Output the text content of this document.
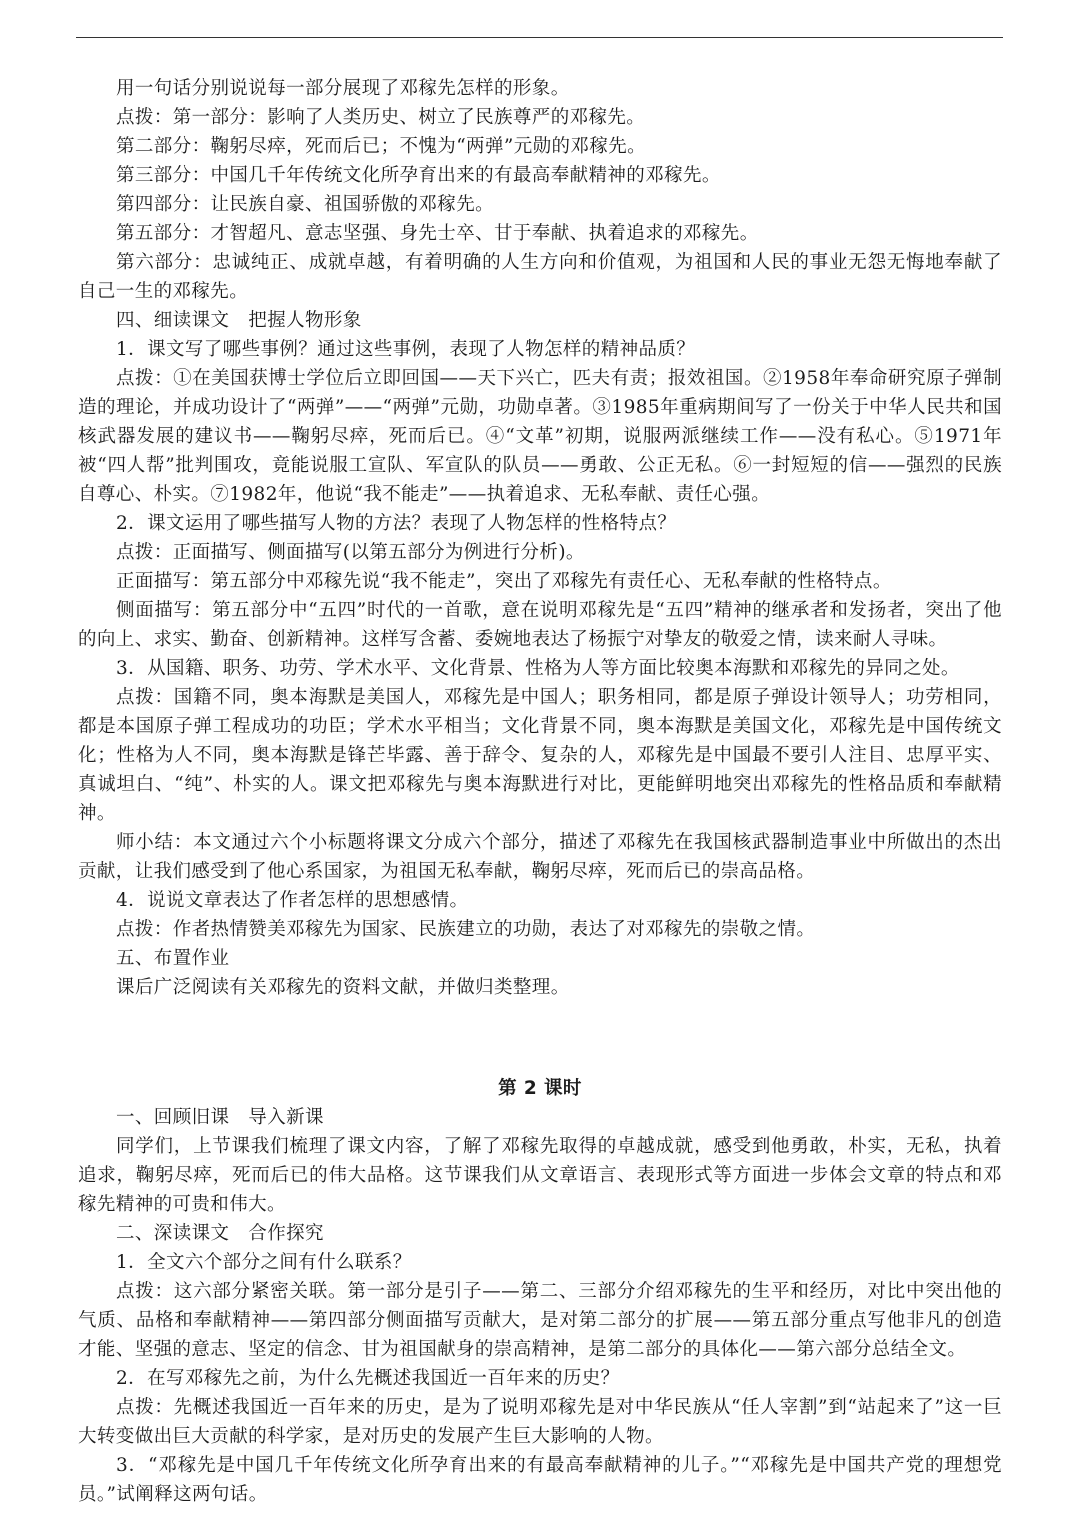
用一句话分别说说每一部分展现了邓稼先怎样的形象。

点拨：第一部分：影响了人类历史、树立了民族尊严的邓稼先。

第二部分：鞠躬尽瘁，死而后已；不愧为“两弹”元勋的邓稼先。

第三部分：中国几千年传统文化所孕育出来的有最高奉献精神的邓稼先。

第四部分：让民族自豪、祖国骄傲的邓稼先。

第五部分：才智超凡、意志坚强、身先士卒、甘于奉献、执着追求的邓稼先。

第六部分：忠诚纯正、成就卓越，有着明确的人生方向和价值观，为祖国和人民的事业无怨无悔地奉献了自己一生的邓稼先。

四、细读课文　把握人物形象

1．课文写了哪些事例？通过这些事例，表现了人物怎样的精神品质？

点拨：①在美国获博士学位后立即回国——天下兴亡，匹夫有责；报效祖国。②1958年奉命研究原子弹制造的理论，并成功设计了“两弹”——“两弹”元勋，功勋卓著。③1985年重病期间写了一份关于中华人民共和国核武器发展的建议书——鞠躬尽瘁，死而后已。④“文革”初期，说服两派继续工作——没有私心。⑤1971年被“四人帮”批判围攻，竟能说服工宣队、军宣队的队员——勇敢、公正无私。⑥一封短短的信——强烈的民族自尊心、朴实。⑦1982年，他说“我不能走”——执着追求、无私奉献、责任心强。

2．课文运用了哪些描写人物的方法？表现了人物怎样的性格特点？

点拨：正面描写、侧面描写(以第五部分为例进行分析)。

正面描写：第五部分中邓稼先说“我不能走”，突出了邓稼先有责任心、无私奉献的性格特点。

侧面描写：第五部分中“五四”时代的一首歌，意在说明邓稼先是“五四”精神的继承者和发扬者，突出了他的向上、求实、勤奋、创新精神。这样写含蓄、委婉地表达了杨振宁对挚友的敬爱之情，读来耐人寻味。

3．从国籍、职务、功劳、学术水平、文化背景、性格为人等方面比较奥本海默和邓稼先的异同之处。

点拨：国籍不同，奥本海默是美国人，邓稼先是中国人；职务相同，都是原子弹设计领导人；功劳相同，都是本国原子弹工程成功的功臣；学术水平相当；文化背景不同，奥本海默是美国文化，邓稼先是中国传统文化；性格为人不同，奥本海默是锋芒毕露、善于辞令、复杂的人，邓稼先是中国最不要引人注目、忠厚平实、真诚坦白、“纯”、朴实的人。课文把邓稼先与奥本海默进行对比，更能鲜明地突出邓稼先的性格品质和奉献精神。

师小结：本文通过六个小标题将课文分成六个部分，描述了邓稼先在我国核武器制造事业中所做出的杰出贡献，让我们感受到了他心系国家，为祖国无私奉献，鞠躬尽瘁，死而后已的崇高品格。

4．说说文章表达了作者怎样的思想感情。

点拨：作者热情赞美邓稼先为国家、民族建立的功勋，表达了对邓稼先的崇敬之情。

五、布置作业

课后广泛阅读有关邓稼先的资料文献，并做归类整理。

第 2 课时

一、回顾旧课　导入新课

同学们，上节课我们梳理了课文内容，了解了邓稼先取得的卓越成就，感受到他勇敢，朴实，无私，执着追求，鞠躬尽瘁，死而后已的伟大品格。这节课我们从文章语言、表现形式等方面进一步体会文章的特点和邓稼先精神的可贵和伟大。

二、深读课文　合作探究

1．全文六个部分之间有什么联系？

点拨：这六部分紧密关联。第一部分是引子——第二、三部分介绍邓稼先的生平和经历，对比中突出他的气质、品格和奉献精神——第四部分侧面描写贡献大，是对第二部分的扩展——第五部分重点写他非凡的创造才能、坚强的意志、坚定的信念、甘为祖国献身的崇高精神，是第二部分的具体化——第六部分总结全文。

2．在写邓稼先之前，为什么先概述我国近一百年来的历史？

点拨：先概述我国近一百年来的历史，是为了说明邓稼先是对中华民族从“任人宰割”到“站起来了”这一巨大转变做出巨大贡献的科学家，是对历史的发展产生巨大影响的人物。

3．“邓稼先是中国几千年传统文化所孕育出来的有最高奉献精神的儿子。”“邓稼先是中国共产党的理想党员。”试阐释这两句话。
